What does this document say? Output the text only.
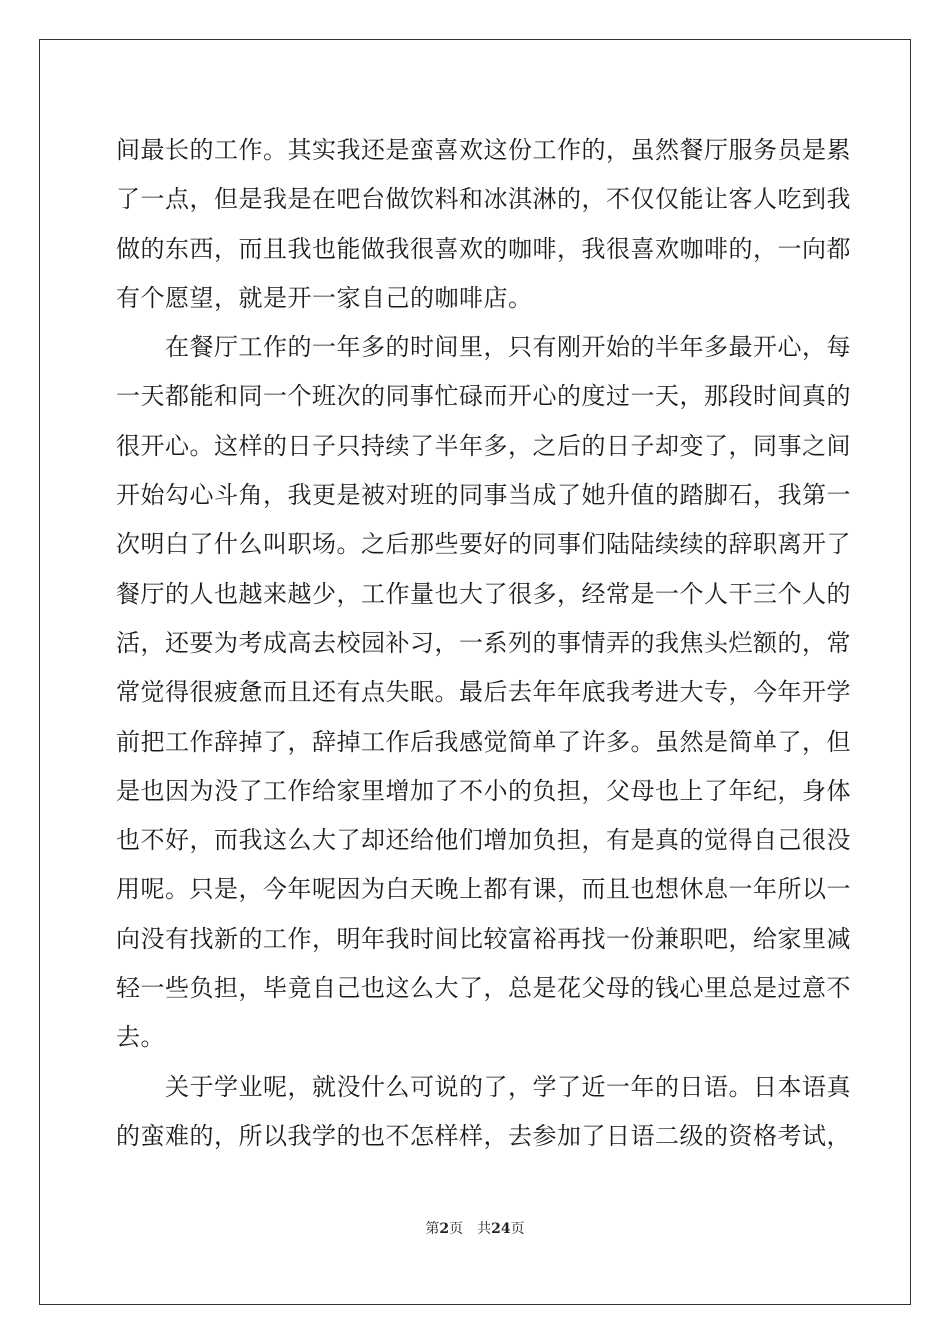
间最长的工作。其实我还是蛮喜欢这份工作的，虽然餐厅服务员是累

了一点，但是我是在吧台做饮料和冰淇淋的，不仅仅能让客人吃到我

做的东西，而且我也能做我很喜欢的咖啡，我很喜欢咖啡的，一向都

有个愿望，就是开一家自己的咖啡店。

　　在餐厅工作的一年多的时间里，只有刚开始的半年多最开心，每

一天都能和同一个班次的同事忙碌而开心的度过一天，那段时间真的

很开心。这样的日子只持续了半年多，之后的日子却变了，同事之间

开始勾心斗角，我更是被对班的同事当成了她升值的踏脚石，我第一

次明白了什么叫职场。之后那些要好的同事们陆陆续续的辞职离开了

餐厅的人也越来越少，工作量也大了很多，经常是一个人干三个人的

活，还要为考成高去校园补习，一系列的事情弄的我焦头烂额的，常

常觉得很疲惫而且还有点失眠。最后去年年底我考进大专，今年开学

前把工作辞掉了，辞掉工作后我感觉简单了许多。虽然是简单了，但

是也因为没了工作给家里增加了不小的负担，父母也上了年纪，身体

也不好，而我这么大了却还给他们增加负担，有是真的觉得自己很没

用呢。只是，今年呢因为白天晚上都有课，而且也想休息一年所以一

向没有找新的工作，明年我时间比较富裕再找一份兼职吧，给家里减

轻一些负担，毕竟自己也这么大了，总是花父母的钱心里总是过意不

去。

　　关于学业呢，就没什么可说的了，学了近一年的日语。日本语真

的蛮难的，所以我学的也不怎样样，去参加了日语二级的资格考试，

第2页 共24页
